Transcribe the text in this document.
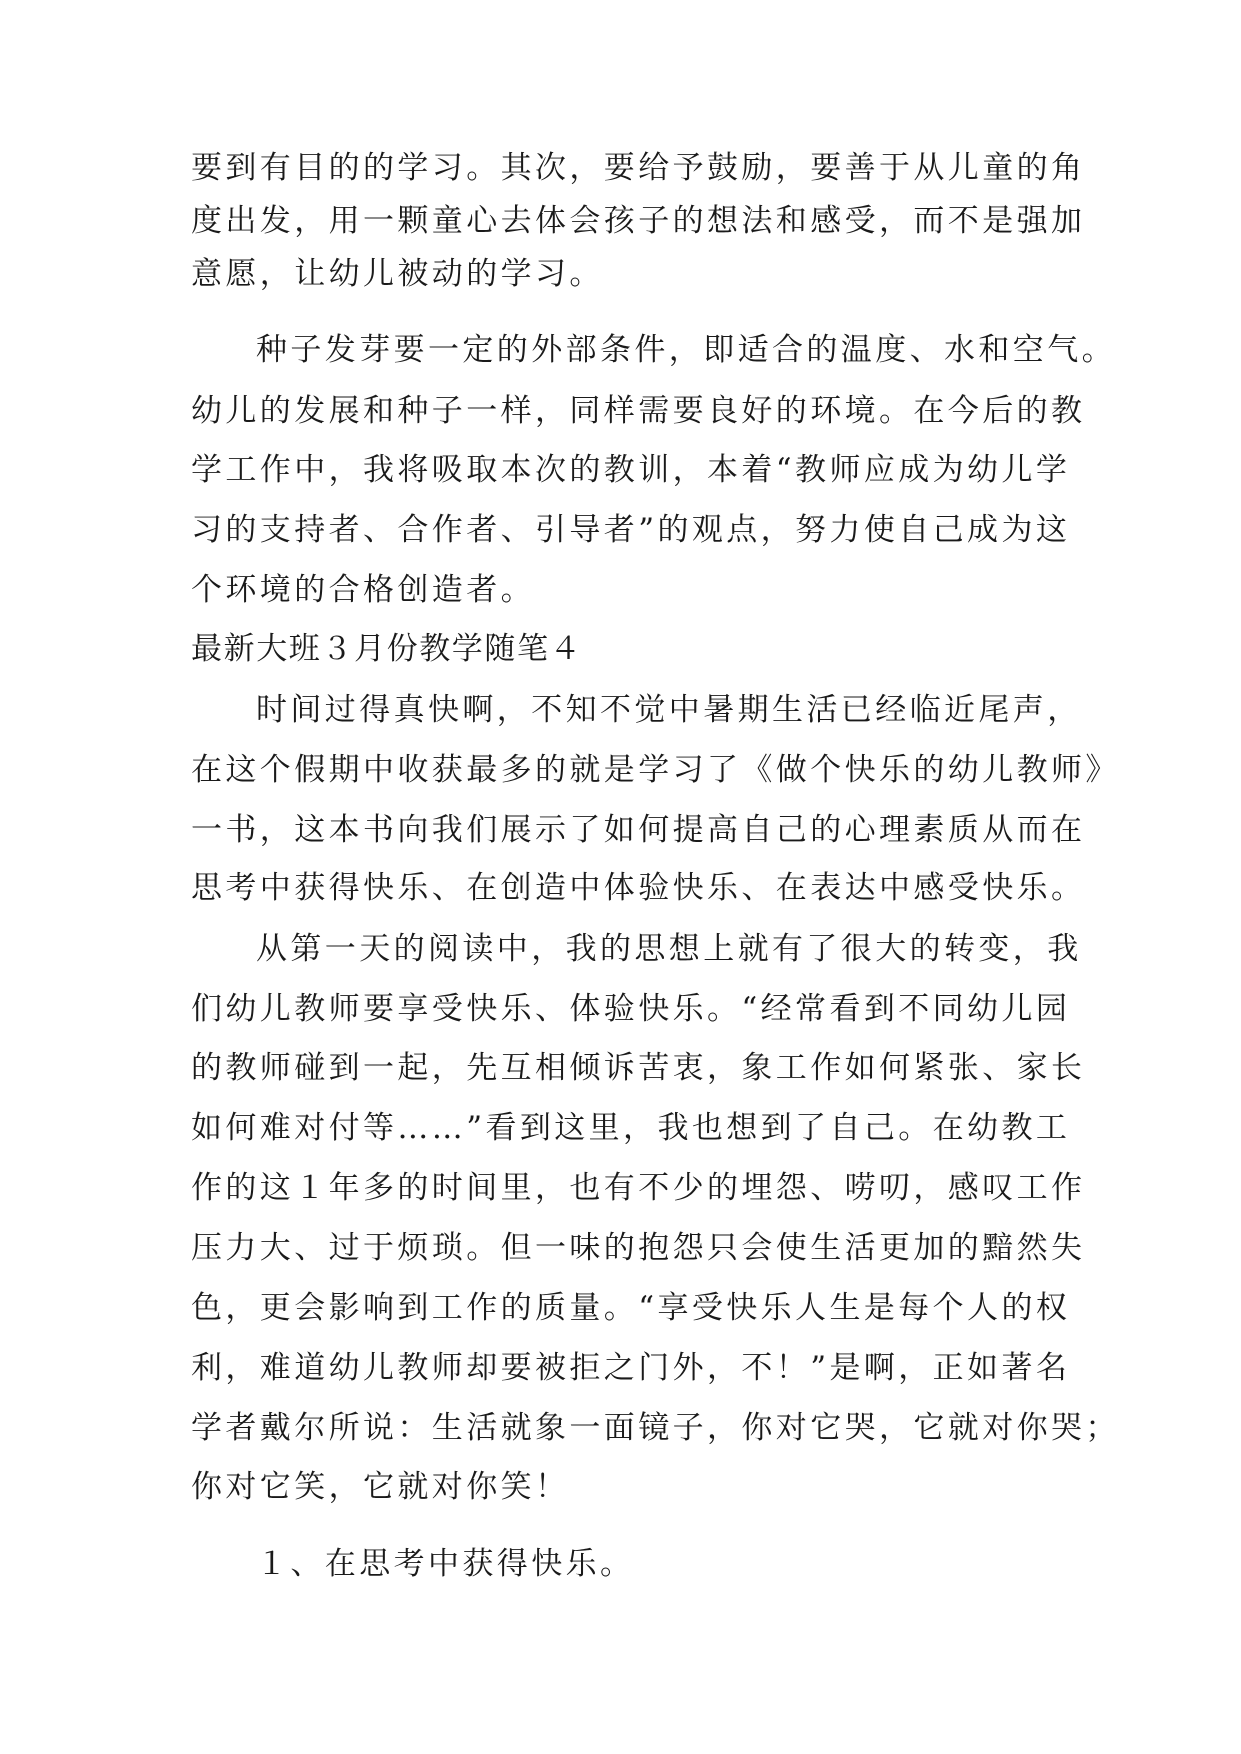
要到有目的的学习。其次，要给予鼓励，要善于从儿童的角
度出发，用一颗童心去体会孩子的想法和感受，而不是强加
意愿，让幼儿被动的学习。
种子发芽要一定的外部条件，即适合的温度、水和空气。
幼儿的发展和种子一样，同样需要良好的环境。在今后的教
学工作中，我将吸取本次的教训，本着“教师应成为幼儿学
习的支持者、合作者、引导者”的观点，努力使自己成为这
个环境的合格创造者。
最新大班３月份教学随笔４
时间过得真快啊，不知不觉中暑期生活已经临近尾声，
在这个假期中收获最多的就是学习了《做个快乐的幼儿教师》
一书，这本书向我们展示了如何提高自己的心理素质从而在
思考中获得快乐、在创造中体验快乐、在表达中感受快乐。
从第一天的阅读中，我的思想上就有了很大的转变，我
们幼儿教师要享受快乐、体验快乐。“经常看到不同幼儿园
的教师碰到一起，先互相倾诉苦衷，象工作如何紧张、家长
如何难对付等……”看到这里，我也想到了自己。在幼教工
作的这１年多的时间里，也有不少的埋怨、唠叨，感叹工作
压力大、过于烦琐。但一味的抱怨只会使生活更加的黯然失
色，更会影响到工作的质量。“享受快乐人生是每个人的权
利，难道幼儿教师却要被拒之门外，不！”是啊，正如著名
学者戴尔所说：生活就象一面镜子，你对它哭，它就对你哭；
你对它笑，它就对你笑！
１、在思考中获得快乐。
